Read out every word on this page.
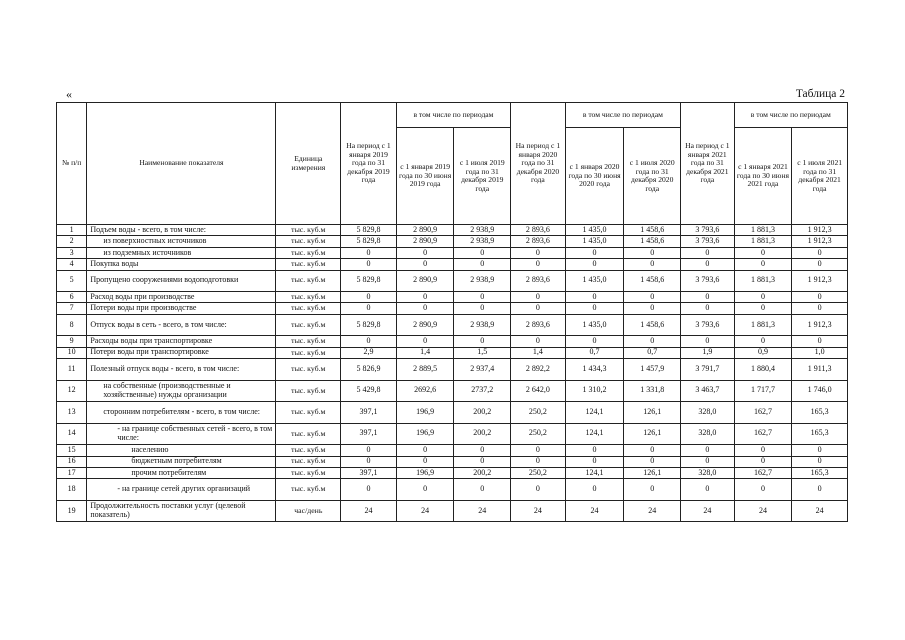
«	Таблица 2
№ п/п	Наименование показателя	Единица измерения	На период с 1 января 2019 года по 31 декабря 2019 года	в том числе по периодам		На период с 1 января 2020 года по 31 декабря 2020 года	в том числе по периодам		На период с 1 января 2021 года по 31 декабря 2021 года	в том числе по периодам	
				с 1 января 2019 года по 30 июня 2019 года	с 1 июля 2019 года по 31 декабря 2019 года		с 1 января 2020 года по 30 июня 2020 года	с 1 июля 2020 года по 31 декабря 2020 года		с 1 января 2021 года по 30 июня 2021 года	с 1 июля 2021 года по 31 декабря 2021 года
1	Подъем воды - всего, в том числе:	тыс. куб.м	5 829,8	2 890,9	2 938,9	2 893,6	1 435,0	1 458,6	3 793,6	1 881,3	1 912,3
2	из поверхностных источников	тыс. куб.м	5 829,8	2 890,9	2 938,9	2 893,6	1 435,0	1 458,6	3 793,6	1 881,3	1 912,3
3	из подземных источников	тыс. куб.м	0	0	0	0	0	0	0	0	0
4	Покупка воды	тыс. куб.м	0	0	0	0	0	0	0	0	0
5	Пропущено сооружениями водоподготовки	тыс. куб.м	5 829,8	2 890,9	2 938,9	2 893,6	1 435,0	1 458,6	3 793,6	1 881,3	1 912,3
6	Расход воды при производстве	тыс. куб.м	0	0	0	0	0	0	0	0	0
7	Потери воды при производстве	тыс. куб.м	0	0	0	0	0	0	0	0	0
8	Отпуск воды в сеть - всего, в том числе:	тыс. куб.м	5 829,8	2 890,9	2 938,9	2 893,6	1 435,0	1 458,6	3 793,6	1 881,3	1 912,3
9	Расходы воды при транспортировке	тыс. куб.м	0	0	0	0	0	0	0	0	0
10	Потери воды при транспортировке	тыс. куб.м	2,9	1,4	1,5	1,4	0,7	0,7	1,9	0,9	1,0
11	Полезный отпуск воды - всего, в том числе:	тыс. куб.м	5 826,9	2 889,5	2 937,4	2 892,2	1 434,3	1 457,9	3 791,7	1 880,4	1 911,3
12	на собственные (производственные и хозяйственные) нужды организации	тыс. куб.м	5 429,8	2692,6	2737,2	2 642,0	1 310,2	1 331,8	3 463,7	1 717,7	1 746,0
13	сторонним потребителям - всего, в том числе:	тыс. куб.м	397,1	196,9	200,2	250,2	124,1	126,1	328,0	162,7	165,3
14	- на границе собственных сетей - всего, в том числе:	тыс. куб.м	397,1	196,9	200,2	250,2	124,1	126,1	328,0	162,7	165,3
15	населению	тыс. куб.м	0	0	0	0	0	0	0	0	0
16	бюджетным потребителям	тыс. куб.м	0	0	0	0	0	0	0	0	0
17	прочим потребителям	тыс. куб.м	397,1	196,9	200,2	250,2	124,1	126,1	328,0	162,7	165,3
18	- на границе сетей других организаций	тыс. куб.м	0	0	0	0	0	0	0	0	0
19	Продолжительность поставки услуг (целевой показатель)	час/день	24	24	24	24	24	24	24	24	24
